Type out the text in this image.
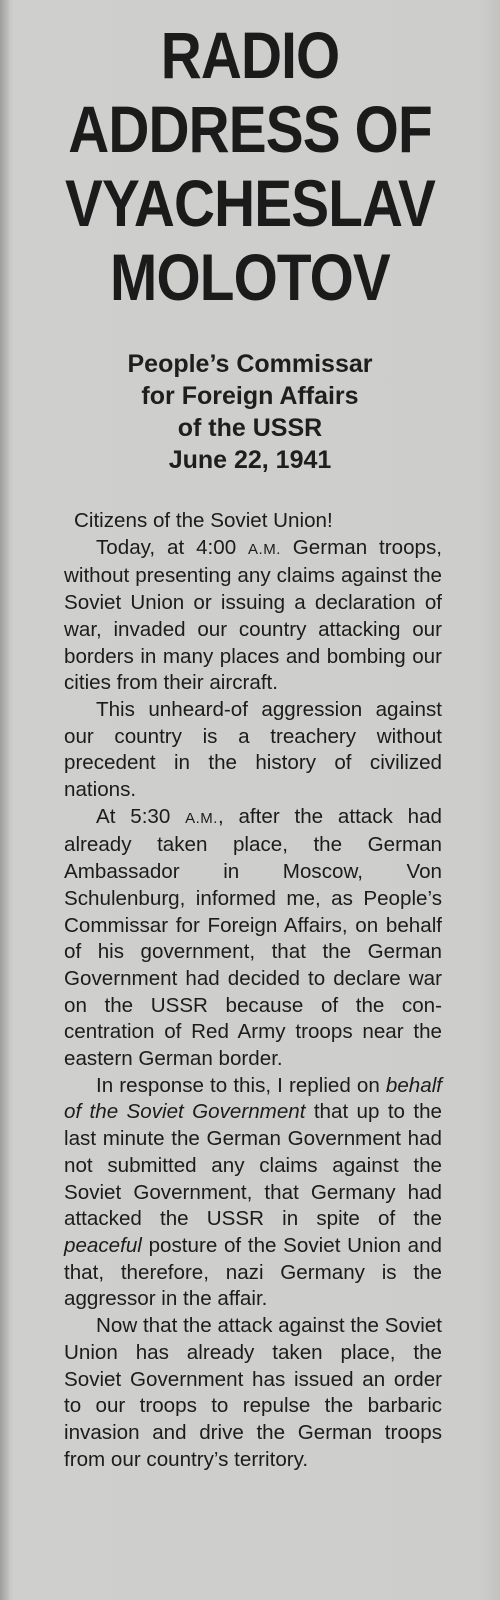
RADIO
ADDRESS OF
VYACHESLAV
MOLOTOV
People’s Commissar
for Foreign Affairs
of the USSR
June 22, 1941

Citizens of the Soviet Union!

Today, at 4:00 A.M. German troops, without presenting any claims against the Soviet Union or issuing a declaration of war, invaded our country attacking our borders in many places and bombing our cities from their aircraft.

This unheard-of aggression against our country is a treachery without precedent in the history of civilized nations.

At 5:30 A.M., after the attack had already taken place, the German Ambassador in Moscow, Von Schulenburg, informed me, as People’s Commissar for Foreign Affairs, on behalf of his government, that the German Government had decided to declare war on the USSR because of the concentration of Red Army troops near the eastern German border.

In response to this, I replied on behalf of the Soviet Government that up to the last minute the German Government had not submitted any claims against the Soviet Government, that Germany had attacked the USSR in spite of the peaceful posture of the Soviet Union and that, therefore, nazi Germany is the aggressor in the affair.

Now that the attack against the Soviet Union has already taken place, the Soviet Government has issued an order to our troops to repulse the barbaric invasion and drive the German troops from our country’s territory.
